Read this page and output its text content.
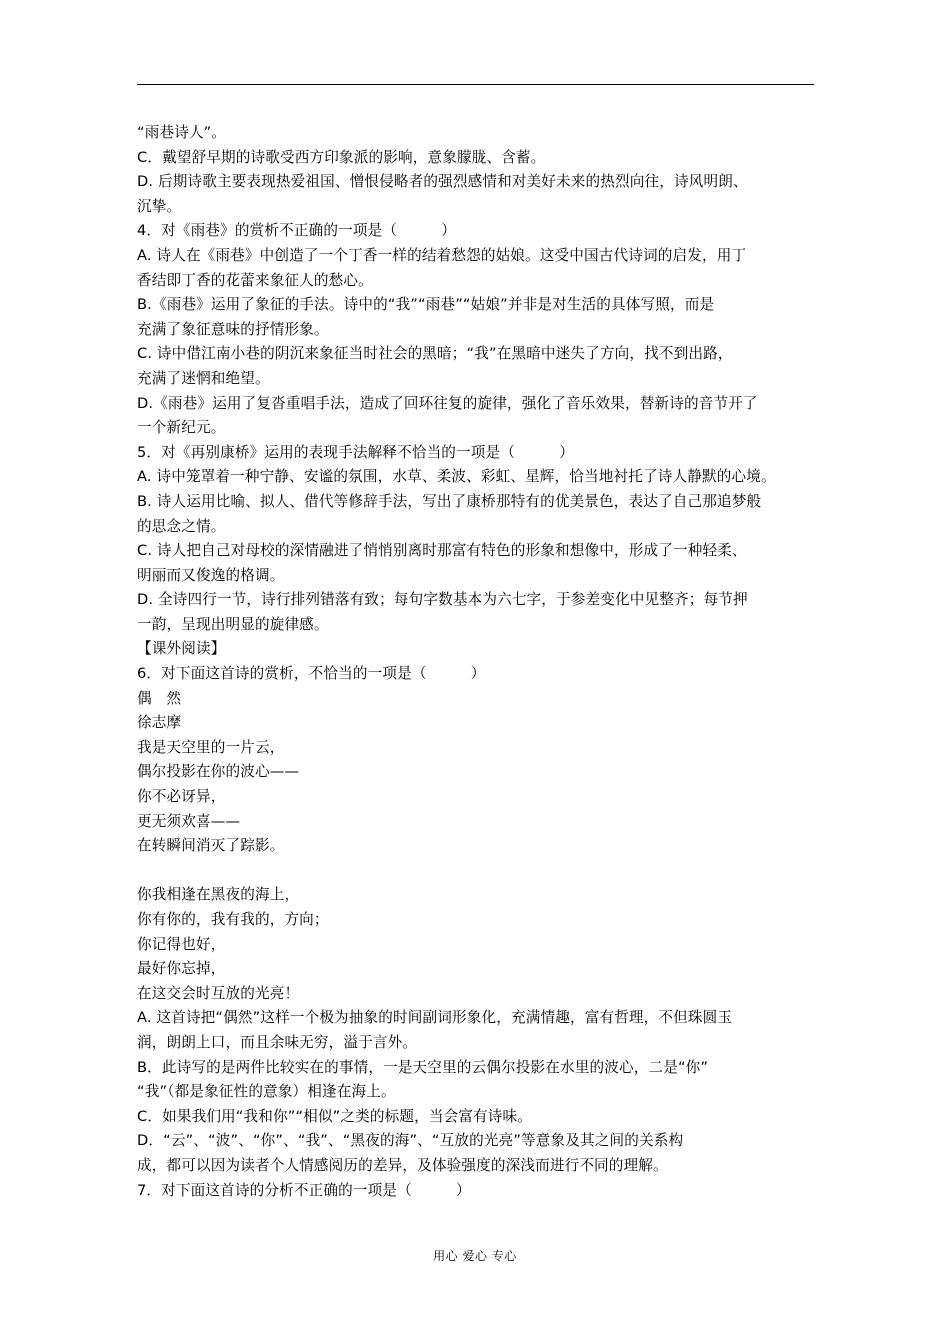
“雨巷诗人”。
C．戴望舒早期的诗歌受西方印象派的影响，意象朦胧、含蓄。
D. 后期诗歌主要表现热爱祖国、憎恨侵略者的强烈感情和对美好未来的热烈向往，诗风明朗、
沉挚。
4．对《雨巷》的赏析不正确的一项是（　　　）
A. 诗人在《雨巷》中创造了一个丁香一样的结着愁怨的姑娘。这受中国古代诗词的启发，用丁
香结即丁香的花蕾来象征人的愁心。
B.《雨巷》运用了象征的手法。诗中的“我”“雨巷”“姑娘”并非是对生活的具体写照，而是
充满了象征意味的抒情形象。
C. 诗中借江南小巷的阴沉来象征当时社会的黑暗；“我”在黑暗中迷失了方向，找不到出路，
充满了迷惘和绝望。
D.《雨巷》运用了复沓重唱手法，造成了回环往复的旋律，强化了音乐效果，替新诗的音节开了
一个新纪元。
5．对《再别康桥》运用的表现手法解释不恰当的一项是（　　　）
A. 诗中笼罩着一种宁静、安谧的氛围，水草、柔波、彩虹、星辉，恰当地衬托了诗人静默的心境。
B. 诗人运用比喻、拟人、借代等修辞手法，写出了康桥那特有的优美景色，表达了自己那追梦般
的思念之情。
C. 诗人把自己对母校的深情融进了悄悄别离时那富有特色的形象和想像中，形成了一种轻柔、
明丽而又俊逸的格调。
D. 全诗四行一节，诗行排列错落有致；每句字数基本为六七字，于参差变化中见整齐；每节押
一韵，呈现出明显的旋律感。
【课外阅读】
6．对下面这首诗的赏析，不恰当的一项是（　　　）
偶　然
徐志摩
我是天空里的一片云，
偶尔投影在你的波心——
你不必讶异，
更无须欢喜——
在转瞬间消灭了踪影。
你我相逢在黑夜的海上，
你有你的，我有我的，方向；
你记得也好，
最好你忘掉，
在这交会时互放的光亮！
A. 这首诗把“偶然”这样一个极为抽象的时间副词形象化，充满情趣，富有哲理，不但珠圆玉
润，朗朗上口，而且余味无穷，溢于言外。
B．此诗写的是两件比较实在的事情，一是天空里的云偶尔投影在水里的波心，二是“你”
“我”（都是象征性的意象）相逢在海上。
C．如果我们用“我和你”“相似”之类的标题，当会富有诗味。
D．“云”、“波”、“你”、“我”、“黑夜的海”、“互放的光亮”等意象及其之间的关系构
成，都可以因为读者个人情感阅历的差异，及体验强度的深浅而进行不同的理解。
7．对下面这首诗的分析不正确的一项是（　　　）
用心 爱心 专心
